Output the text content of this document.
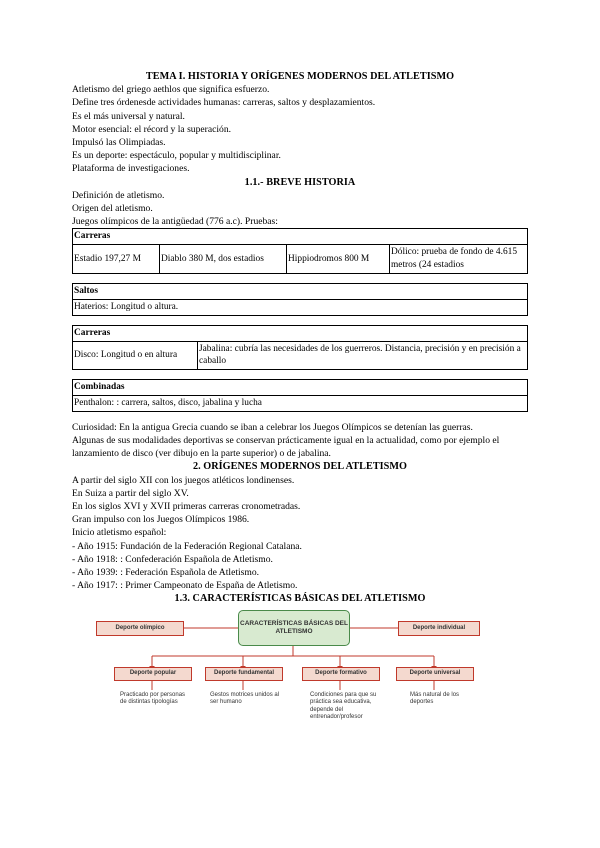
TEMA I. HISTORIA Y ORÍGENES MODERNOS DEL ATLETISMO
Atletismo del griego aethlos que significa esfuerzo.
Define tres órdenesde actividades humanas: carreras, saltos y desplazamientos.
Es el más universal y natural.
Motor esencial: el récord y la superación.
Impulsó las Olimpiadas.
Es un deporte: espectáculo, popular y multidisciplinar.
Plataforma de investigaciones.
1.1.- BREVE HISTORIA
Definición de atletismo.
Origen del atletismo.
Juegos olímpicos de la antigüedad (776 a.c). Pruebas:
Carreras
Estadio 197,27 M	Diablo 380 M, dos estadios	Hippiodromos 800 M	Dólico: prueba de fondo de 4.615 metros (24 estadios
Saltos
Haterios: Longitud o altura.
Carreras
Disco: Longitud o en altura	Jabalina: cubría las necesidades de los guerreros. Distancia, precisión y en precisión a caballo
Combinadas
Penthalon: : carrera, saltos, disco, jabalina y lucha
Curiosidad: En la antigua Grecia cuando se iban a celebrar los Juegos Olímpicos se detenían las guerras.
Algunas de sus modalidades deportivas se conservan prácticamente igual en la actualidad, como por ejemplo el lanzamiento de disco (ver dibujo en la parte superior) o de jabalina.
2. ORÍGENES MODERNOS DEL ATLETISMO
A partir del siglo XII con los juegos atléticos londinenses.
En Suiza a partir del siglo XV.
En los siglos XVI y XVII primeras carreras cronometradas.
Gran impulso con los Juegos Olímpicos 1986.
Inicio atletismo español:
- Año 1915: Fundación de la Federación Regional Catalana.
- Año 1918: : Confederación Española de Atletismo.
- Año 1939: : Federación Española de Atletismo.
- Año 1917: : Primer Campeonato de España de Atletismo.
1.3. CARACTERÍSTICAS BÁSICAS DEL ATLETISMO
CARACTERÍSTICAS BÁSICAS DEL ATLETISMO
Deporte olímpico	Deporte individual
Deporte popular	Deporte fundamental	Deporte formativo	Deporte universal
Practicado por personas de distintas tipologías
Gestos motrices unidos al ser humano
Condiciones para que su práctica sea educativa, depende del entrenador/profesor
Más natural de los deportes
